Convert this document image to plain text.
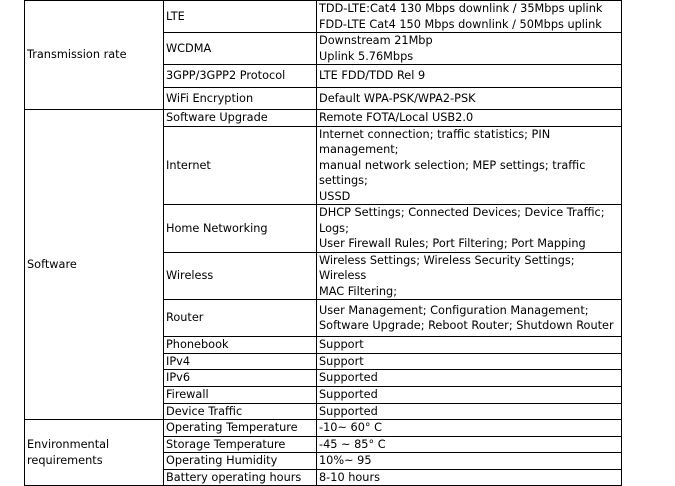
Transmission rate	LTE	TDD-LTE:Cat4 130 Mbps downlink / 35Mbps uplink
FDD-LTE Cat4 150 Mbps downlink / 50Mbps uplink

	WCDMA	Downstream 21Mbp
Uplink 5.76Mbps

	3GPP/3GPP2 Protocol	LTE FDD/TDD Rel 9

	WiFi Encryption	Default WPA-PSK/WPA2-PSK

Software	Software Upgrade	Remote FOTA/Local USB2.0

	Internet	Internet connection; traffic statistics; PIN management;
manual network selection; MEP settings; traffic settings;
USSD

	Home Networking	DHCP Settings; Connected Devices; Device Traffic; Logs;
User Firewall Rules; Port Filtering; Port Mapping

	Wireless	Wireless Settings; Wireless Security Settings; Wireless
MAC Filtering;

	Router	User Management; Configuration Management;
Software Upgrade; Reboot Router; Shutdown Router

	Phonebook	Support

	IPv4	Support

	IPv6	Supported

	Firewall	Supported

	Device Traffic	Supported

Environmental
requirements	Operating Temperature	-10~ 60° C

	Storage Temperature	-45 ~ 85° C

	Operating Humidity	10%~ 95

	Battery operating hours	8-10 hours
